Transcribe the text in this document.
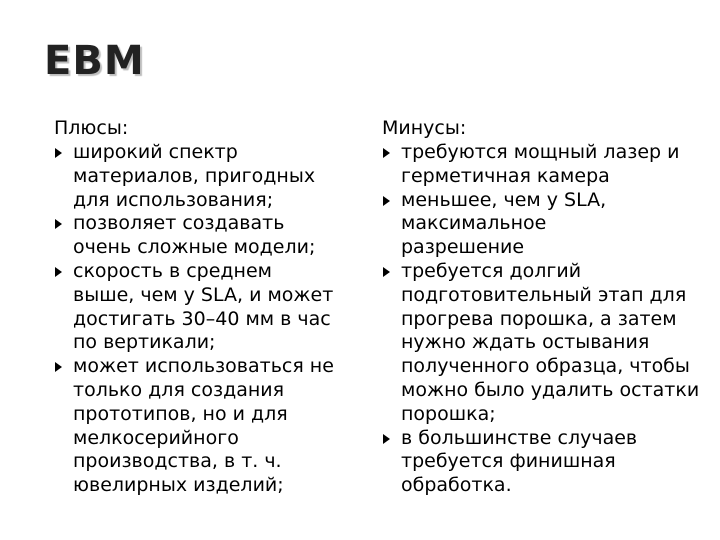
EBM
Плюсы:
широкий спектр материалов, пригодных для использования;
позволяет создавать очень сложные модели;
скорость в среднем выше, чем у SLA, и может достигать 30–40 мм в час по вертикали;
может использоваться не только для создания прототипов, но и для мелкосерийного производства, в т. ч. ювелирных изделий;
Минусы:
требуются мощный лазер и герметичная камера
меньшее, чем у SLA, максимальное разрешение
требуется долгий подготовительный этап для прогрева порошка, а затем нужно ждать остывания полученного образца, чтобы можно было удалить остатки порошка;
в большинстве случаев требуется финишная обработка.
